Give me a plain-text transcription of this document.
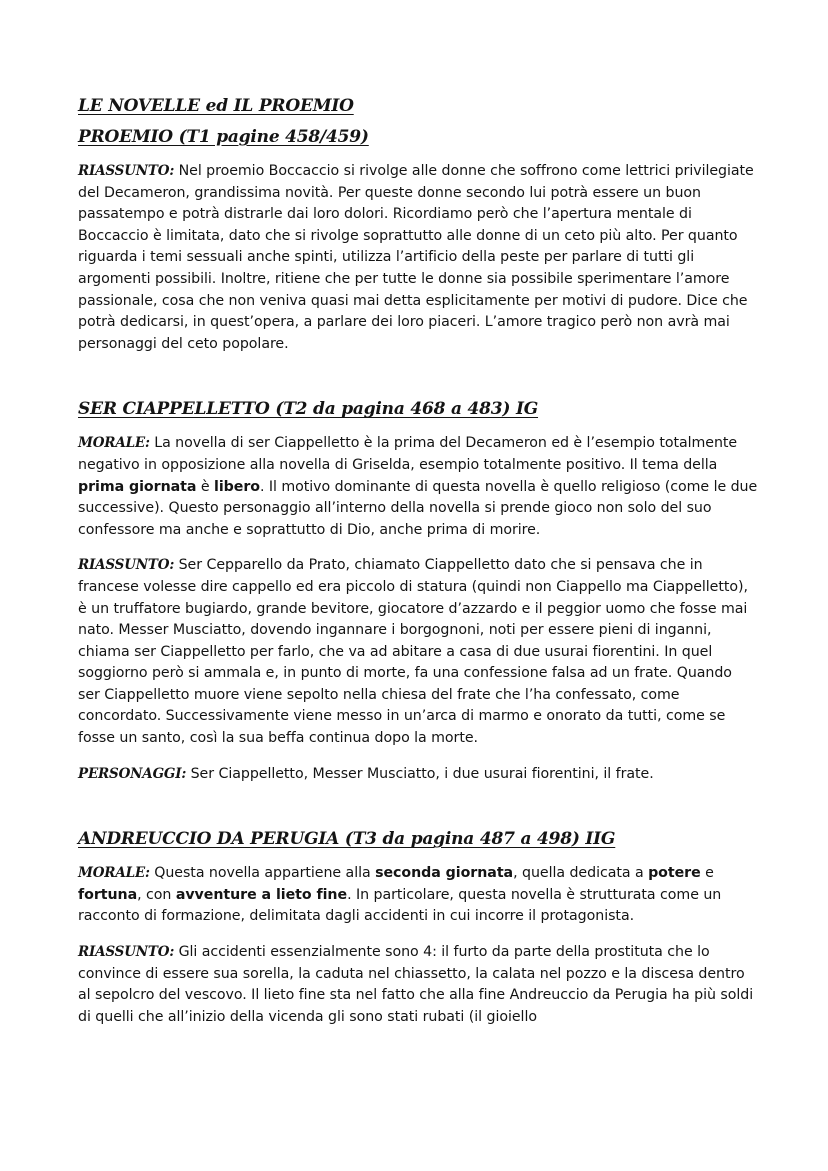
LE NOVELLE ed IL PROEMIO
PROEMIO (T1 pagine 458/459)

RIASSUNTO: Nel proemio Boccaccio si rivolge alle donne che soffrono come lettrici privilegiate del Decameron, grandissima novità. Per queste donne secondo lui potrà essere un buon passatempo e potrà distrarle dai loro dolori. Ricordiamo però che l’apertura mentale di Boccaccio è limitata, dato che si rivolge soprattutto alle donne di un ceto più alto. Per quanto riguarda i temi sessuali anche spinti, utilizza l’artificio della peste per parlare di tutti gli argomenti possibili. Inoltre, ritiene che per tutte le donne sia possibile sperimentare l’amore passionale, cosa che non veniva quasi mai detta esplicitamente per motivi di pudore. Dice che potrà dedicarsi, in quest’opera, a parlare dei loro piaceri. L’amore tragico però non avrà mai personaggi del ceto popolare.

SER CIAPPELLETTO (T2 da pagina 468 a 483) IG

MORALE: La novella di ser Ciappelletto è la prima del Decameron ed è l’esempio totalmente negativo in opposizione alla novella di Griselda, esempio totalmente positivo. Il tema della prima giornata è libero. Il motivo dominante di questa novella è quello religioso (come le due successive). Questo personaggio all’interno della novella si prende gioco non solo del suo confessore ma anche e soprattutto di Dio, anche prima di morire.

RIASSUNTO: Ser Cepparello da Prato, chiamato Ciappelletto dato che si pensava che in francese volesse dire cappello ed era piccolo di statura (quindi non Ciappello ma Ciappelletto), è un truffatore bugiardo, grande bevitore, giocatore d’azzardo e il peggior uomo che fosse mai nato. Messer Musciatto, dovendo ingannare i borgognoni, noti per essere pieni di inganni, chiama ser Ciappelletto per farlo, che va ad abitare a casa di due usurai fiorentini. In quel soggiorno però si ammala e, in punto di morte, fa una confessione falsa ad un frate. Quando ser Ciappelletto muore viene sepolto nella chiesa del frate che l’ha confessato, come concordato. Successivamente viene messo in un’arca di marmo e onorato da tutti, come se fosse un santo, così la sua beffa continua dopo la morte.

PERSONAGGI: Ser Ciappelletto, Messer Musciatto, i due usurai fiorentini, il frate.

ANDREUCCIO DA PERUGIA (T3 da pagina 487 a 498) IIG

MORALE: Questa novella appartiene alla seconda giornata, quella dedicata a potere e fortuna, con avventure a lieto fine. In particolare, questa novella è strutturata come un racconto di formazione, delimitata dagli accidenti in cui incorre il protagonista.

RIASSUNTO: Gli accidenti essenzialmente sono 4: il furto da parte della prostituta che lo convince di essere sua sorella, la caduta nel chiassetto, la calata nel pozzo e la discesa dentro al sepolcro del vescovo. Il lieto fine sta nel fatto che alla fine Andreuccio da Perugia ha più soldi di quelli che all’inizio della vicenda gli sono stati rubati (il gioiello
